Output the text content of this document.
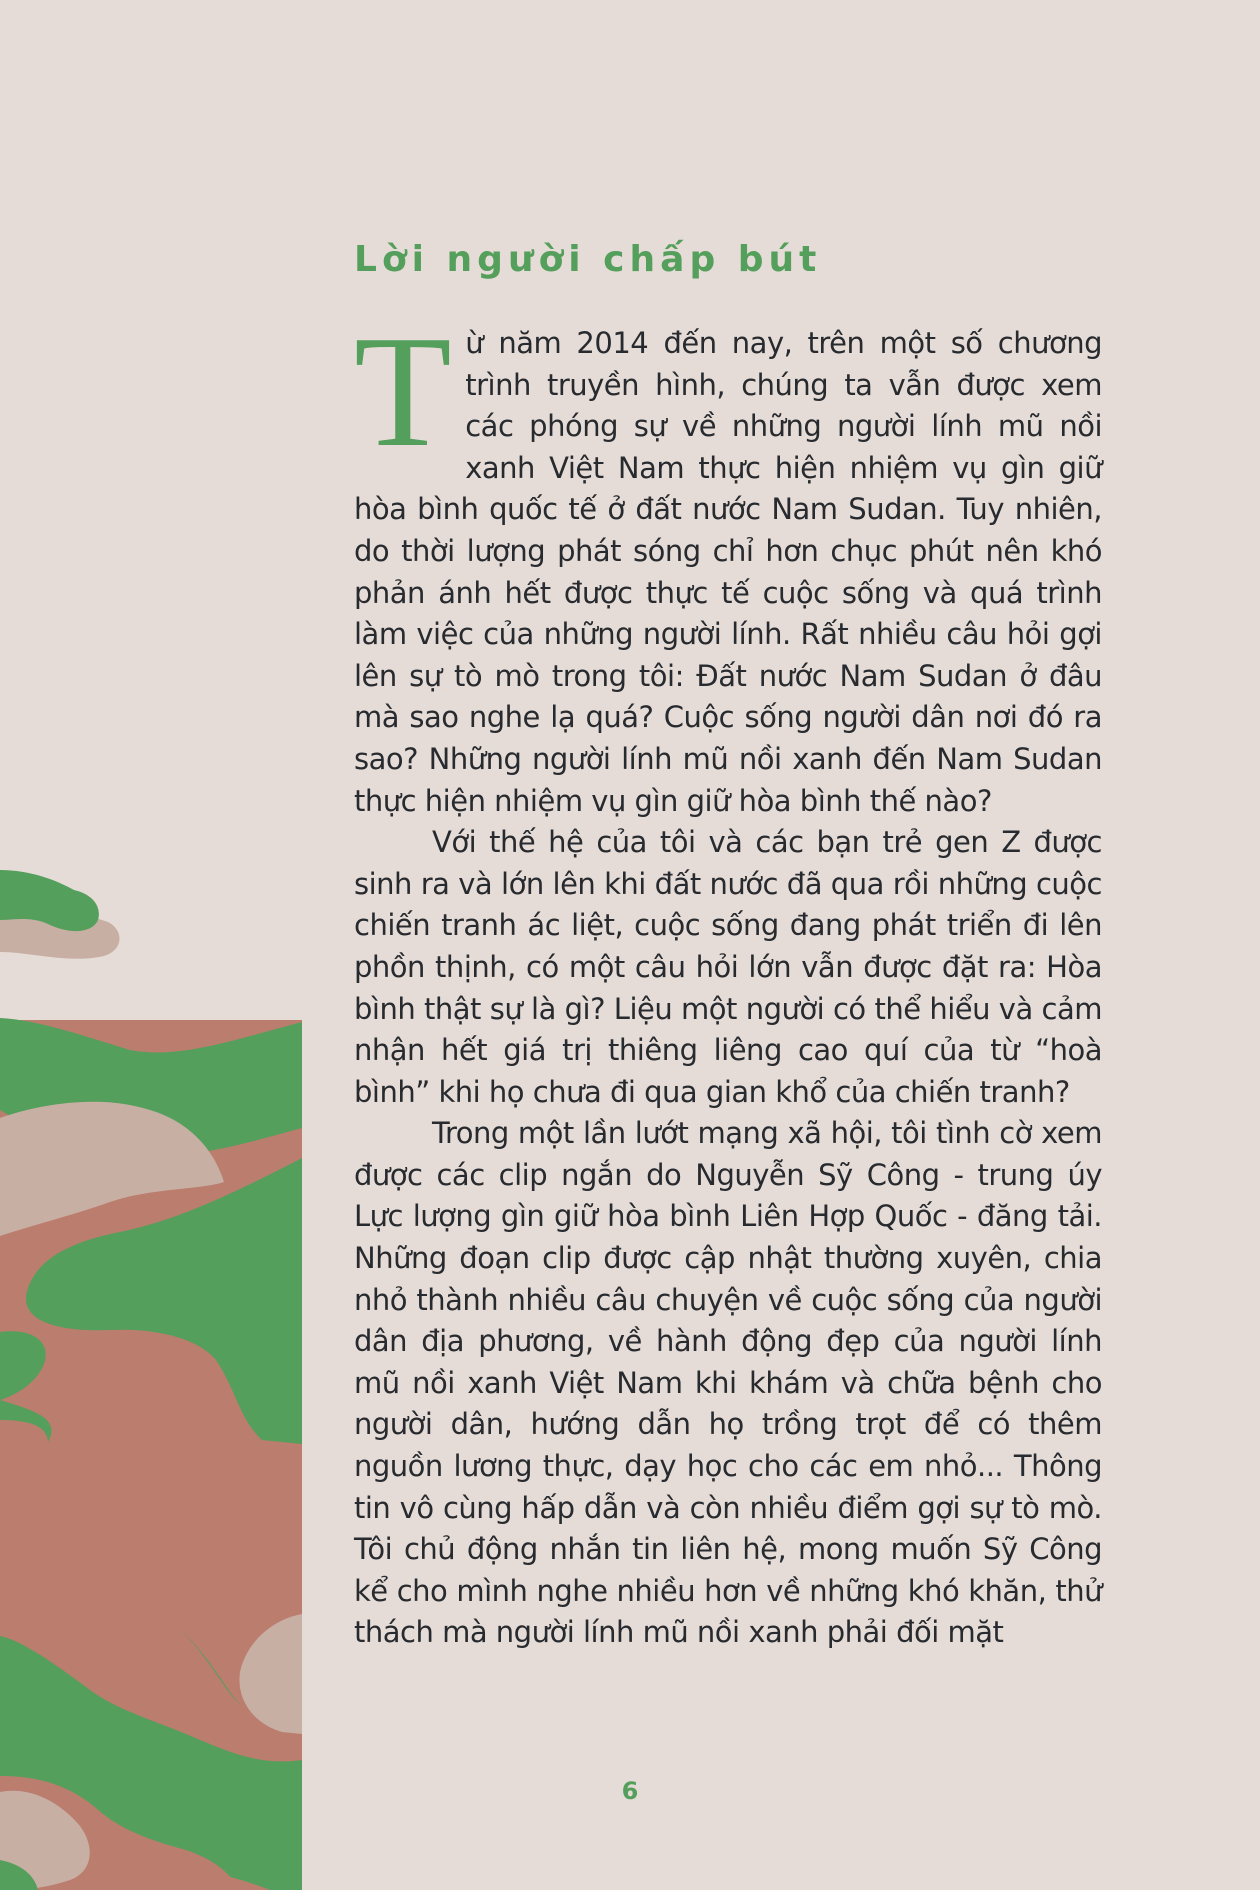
Lời người chấp bút

Từ năm 2014 đến nay, trên một số chương trình truyền hình, chúng ta vẫn được xem các phóng sự về những người lính mũ nồi xanh Việt Nam thực hiện nhiệm vụ gìn giữ hòa bình quốc tế ở đất nước Nam Sudan. Tuy nhiên, do thời lượng phát sóng chỉ hơn chục phút nên khó phản ánh hết được thực tế cuộc sống và quá trình làm việc của những người lính. Rất nhiều câu hỏi gợi lên sự tò mò trong tôi: Đất nước Nam Sudan ở đâu mà sao nghe lạ quá? Cuộc sống người dân nơi đó ra sao? Những người lính mũ nồi xanh đến Nam Sudan thực hiện nhiệm vụ gìn giữ hòa bình thế nào?

Với thế hệ của tôi và các bạn trẻ gen Z được sinh ra và lớn lên khi đất nước đã qua rồi những cuộc chiến tranh ác liệt, cuộc sống đang phát triển đi lên phồn thịnh, có một câu hỏi lớn vẫn được đặt ra: Hòa bình thật sự là gì? Liệu một người có thể hiểu và cảm nhận hết giá trị thiêng liêng cao quí của từ “hoà bình” khi họ chưa đi qua gian khổ của chiến tranh?

Trong một lần lướt mạng xã hội, tôi tình cờ xem được các clip ngắn do Nguyễn Sỹ Công - trung úy Lực lượng gìn giữ hòa bình Liên Hợp Quốc - đăng tải. Những đoạn clip được cập nhật thường xuyên, chia nhỏ thành nhiều câu chuyện về cuộc sống của người dân địa phương, về hành động đẹp của người lính mũ nồi xanh Việt Nam khi khám và chữa bệnh cho người dân, hướng dẫn họ trồng trọt để có thêm nguồn lương thực, dạy học cho các em nhỏ... Thông tin vô cùng hấp dẫn và còn nhiều điểm gợi sự tò mò. Tôi chủ động nhắn tin liên hệ, mong muốn Sỹ Công kể cho mình nghe nhiều hơn về những khó khăn, thử thách mà người lính mũ nồi xanh phải đối mặt

6
